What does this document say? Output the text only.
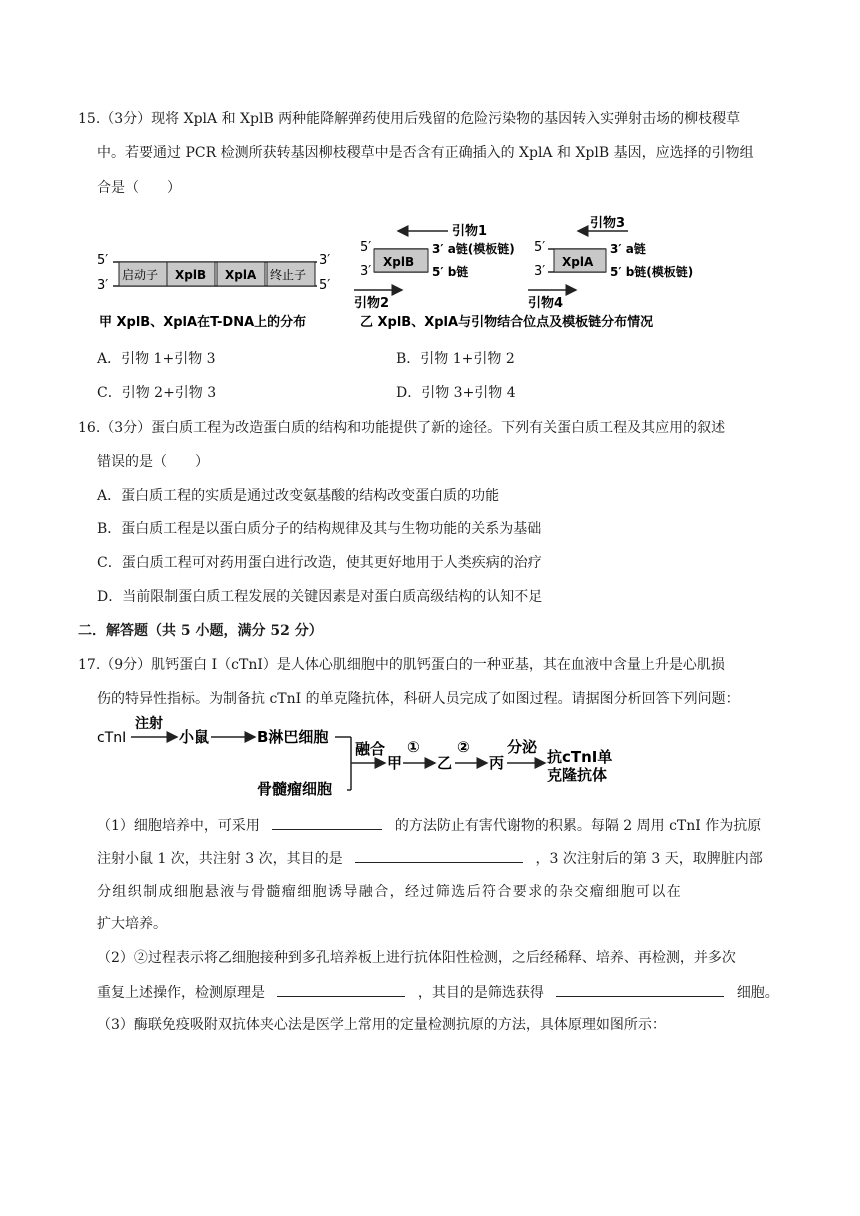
15.（3分）现将 XplA 和 XplB 两种能降解弹药使用后残留的危险污染物的基因转入实弹射击场的柳枝稷草
中。若要通过 PCR 检测所获转基因柳枝稷草中是否含有正确插入的 XplA 和 XplB 基因，应选择的引物组
合是（　　）
5′
3′
启动子 XplB XplA 终止子
3′
5′
甲 XplB、XplA在T-DNA上的分布
引物1
5′
3′
XplB
3′ a链(模板链)
5′ b链
引物2
引物3
5′
3′
XplA
3′ a链
5′ b链(模板链)
引物4
乙 XplB、XplA与引物结合位点及模板链分布情况
A．引物 1+引物 3	B．引物 1+引物 2
C．引物 2+引物 3	D．引物 3+引物 4
16.（3分）蛋白质工程为改造蛋白质的结构和功能提供了新的途径。下列有关蛋白质工程及其应用的叙述
错误的是（　　）
A．蛋白质工程的实质是通过改变氨基酸的结构改变蛋白质的功能
B．蛋白质工程是以蛋白质分子的结构规律及其与生物功能的关系为基础
C．蛋白质工程可对药用蛋白进行改造，使其更好地用于人类疾病的治疗
D．当前限制蛋白质工程发展的关键因素是对蛋白质高级结构的认知不足
二．解答题（共 5 小题，满分 52 分）
17.（9分）肌钙蛋白 I（cTnI）是人体心肌细胞中的肌钙蛋白的一种亚基，其在血液中含量上升是心肌损
伤的特异性指标。为制备抗 cTnI 的单克隆抗体，科研人员完成了如图过程。请据图分析回答下列问题：
cTnI
注射
小鼠	B淋巴细胞
骨髓瘤细胞
融合
甲
①
乙
②
丙
分泌
抗cTnI单
克隆抗体
（1）细胞培养中，可采用	的方法防止有害代谢物的积累。每隔 2 周用 cTnI 作为抗原
注射小鼠 1 次，共注射 3 次，其目的是	，3 次注射后的第 3 天，取脾脏内部
分组织制成细胞悬液与骨髓瘤细胞诱导融合，经过筛选后符合要求的杂交瘤细胞可以在
扩大培养。
（2）②过程表示将乙细胞接种到多孔培养板上进行抗体阳性检测，之后经稀释、培养、再检测，并多次
重复上述操作，检测原理是	，其目的是筛选获得	细胞。
（3）酶联免疫吸附双抗体夹心法是医学上常用的定量检测抗原的方法，具体原理如图所示：
